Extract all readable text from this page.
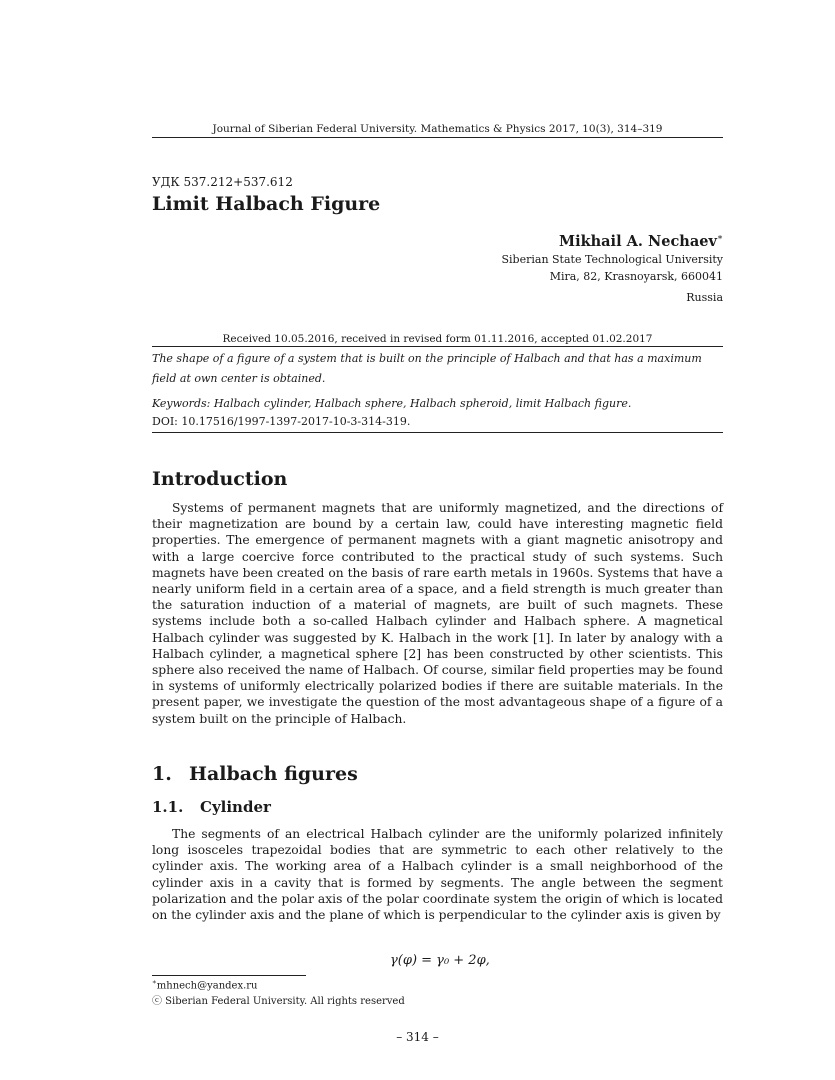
Journal of Siberian Federal University. Mathematics & Physics 2017, 10(3), 314–319
УДК 537.212+537.612
Limit Halbach Figure
Mikhail A. Nechaev∗
Siberian State Technological University
Mira, 82, Krasnoyarsk, 660041
Russia
Received 10.05.2016, received in revised form 01.11.2016, accepted 01.02.2017
The shape of a figure of a system that is built on the principle of Halbach and that has a maximum field at own center is obtained.
Keywords: Halbach cylinder, Halbach sphere, Halbach spheroid, limit Halbach figure.
DOI: 10.17516/1997-1397-2017-10-3-314-319.
Introduction
Systems of permanent magnets that are uniformly magnetized, and the directions of their magnetization are bound by a certain law, could have interesting magnetic field properties. The emergence of permanent magnets with a giant magnetic anisotropy and with a large coercive force contributed to the practical study of such systems. Such magnets have been created on the basis of rare earth metals in 1960s. Systems that have a nearly uniform field in a certain area of a space, and a field strength is much greater than the saturation induction of a material of magnets, are built of such magnets. These systems include both a so-called Halbach cylinder and Halbach sphere. A magnetical Halbach cylinder was suggested by K. Halbach in the work [1]. In later by analogy with a Halbach cylinder, a magnetical sphere [2] has been constructed by other scientists. This sphere also received the name of Halbach. Of course, similar field properties may be found in systems of uniformly electrically polarized bodies if there are suitable materials. In the present paper, we investigate the question of the most advantageous shape of a figure of a system built on the principle of Halbach.
1. Halbach figures
1.1. Cylinder
The segments of an electrical Halbach cylinder are the uniformly polarized infinitely long isosceles trapezoidal bodies that are symmetric to each other relatively to the cylinder axis. The working area of a Halbach cylinder is a small neighborhood of the cylinder axis in a cavity that is formed by segments. The angle between the segment polarization and the polar axis of the polar coordinate system the origin of which is located on the cylinder axis and the plane of which is perpendicular to the cylinder axis is given by
γ(φ) = γ₀ + 2φ,
∗mhnech@yandex.ru
ⓒ Siberian Federal University. All rights reserved
– 314 –
